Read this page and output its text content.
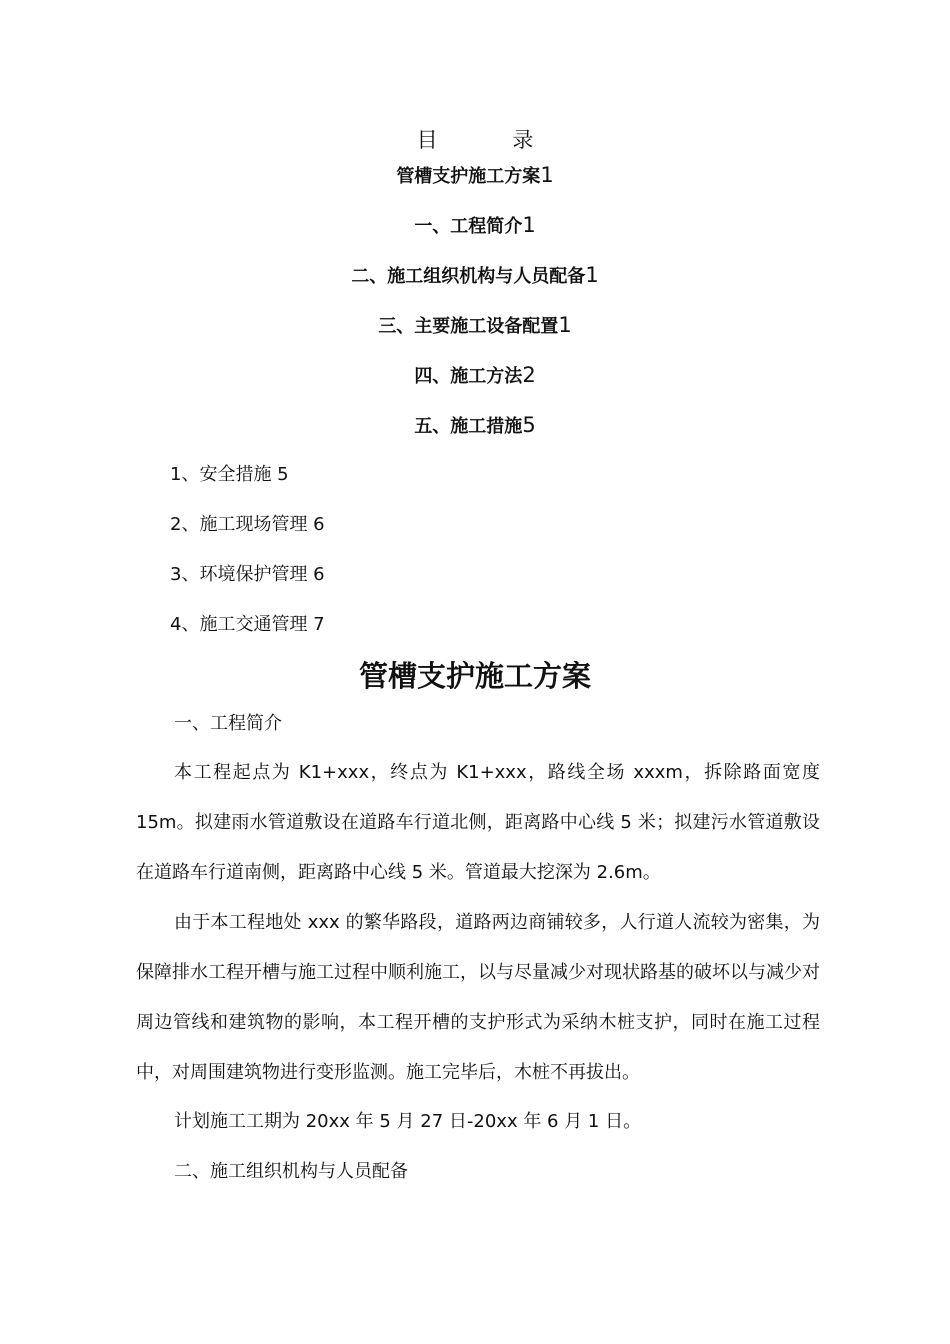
目 录
管槽支护施工方案1
一、工程简介1
二、施工组织机构与人员配备1
三、主要施工设备配置1
四、施工方法2
五、施工措施5
1、安全措施 5
2、施工现场管理 6
3、环境保护管理 6
4、施工交通管理 7
管槽支护施工方案
一、工程简介

本工程起点为 K1+xxx，终点为 K1+xxx，路线全场 xxxm，拆除路面宽度 15m。拟建雨水管道敷设在道路车行道北侧，距离路中心线 5 米；拟建污水管道敷设在道路车行道南侧，距离路中心线 5 米。管道最大挖深为 2.6m。

由于本工程地处 xxx 的繁华路段，道路两边商铺较多，人行道人流较为密集，为保障排水工程开槽与施工过程中顺利施工，以与尽量减少对现状路基的破坏以与减少对周边管线和建筑物的影响，本工程开槽的支护形式为采纳木桩支护，同时在施工过程中，对周围建筑物进行变形监测。施工完毕后，木桩不再拔出。

计划施工工期为 20xx 年 5 月 27 日-20xx 年 6 月 1 日。
二、施工组织机构与人员配备
